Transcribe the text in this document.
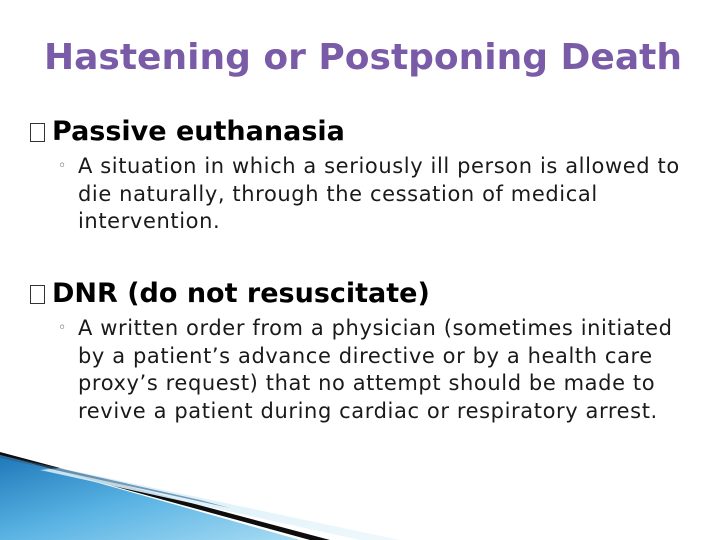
Hastening or Postponing Death
Passive euthanasia
◦ A situation in which a seriously ill person is allowed to die naturally, through the cessation of medical intervention.
DNR (do not resuscitate)
◦ A written order from a physician (sometimes initiated by a patient’s advance directive or by a health care proxy’s request) that no attempt should be made to revive a patient during cardiac or respiratory arrest.
